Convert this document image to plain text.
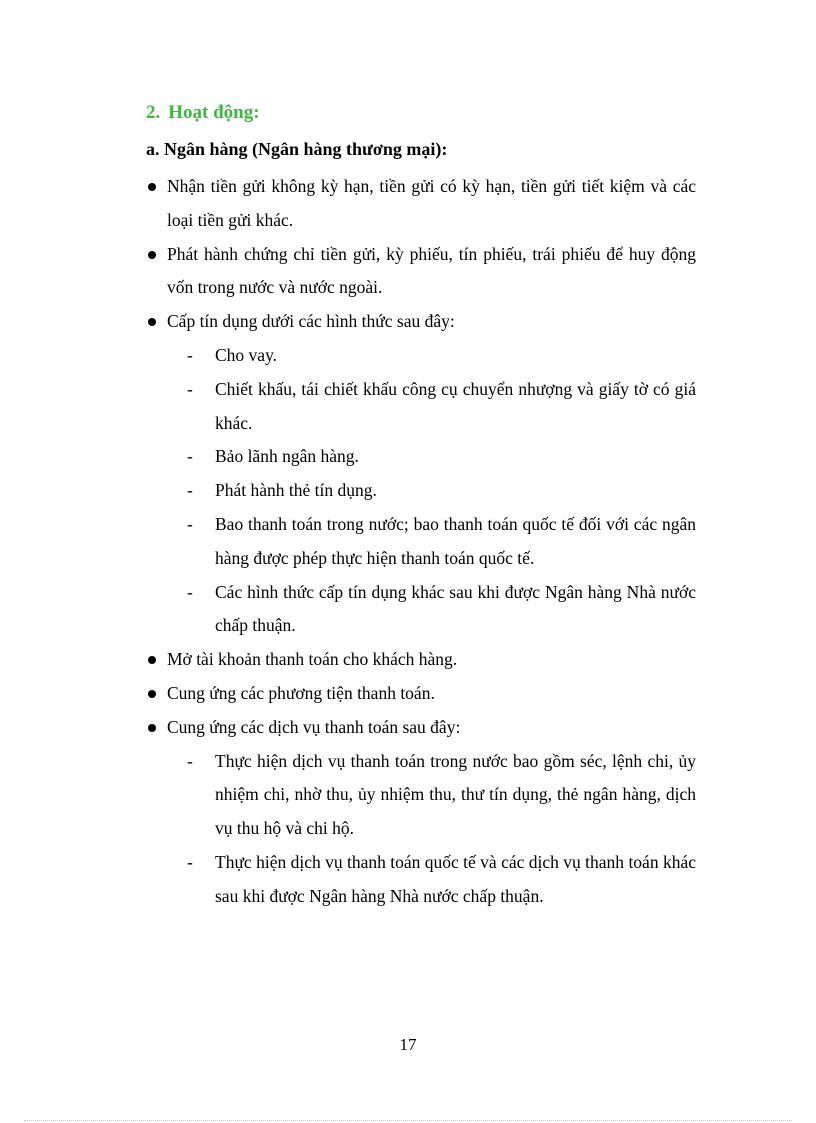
2. Hoạt động:
a. Ngân hàng (Ngân hàng thương mại):
Nhận tiền gửi không kỳ hạn, tiền gửi có kỳ hạn, tiền gửi tiết kiệm và các loại tiền gửi khác.
Phát hành chứng chỉ tiền gửi, kỳ phiếu, tín phiếu, trái phiếu để huy động vốn trong nước và nước ngoài.
Cấp tín dụng dưới các hình thức sau đây:
- Cho vay.
- Chiết khấu, tái chiết khấu công cụ chuyển nhượng và giấy tờ có giá khác.
- Bảo lãnh ngân hàng.
- Phát hành thẻ tín dụng.
- Bao thanh toán trong nước; bao thanh toán quốc tế đối với các ngân hàng được phép thực hiện thanh toán quốc tế.
- Các hình thức cấp tín dụng khác sau khi được Ngân hàng Nhà nước chấp thuận.
Mở tài khoản thanh toán cho khách hàng.
Cung ứng các phương tiện thanh toán.
Cung ứng các dịch vụ thanh toán sau đây:
- Thực hiện dịch vụ thanh toán trong nước bao gồm séc, lệnh chi, ủy nhiệm chi, nhờ thu, ủy nhiệm thu, thư tín dụng, thẻ ngân hàng, dịch vụ thu hộ và chi hộ.
- Thực hiện dịch vụ thanh toán quốc tế và các dịch vụ thanh toán khác sau khi được Ngân hàng Nhà nước chấp thuận.
17
